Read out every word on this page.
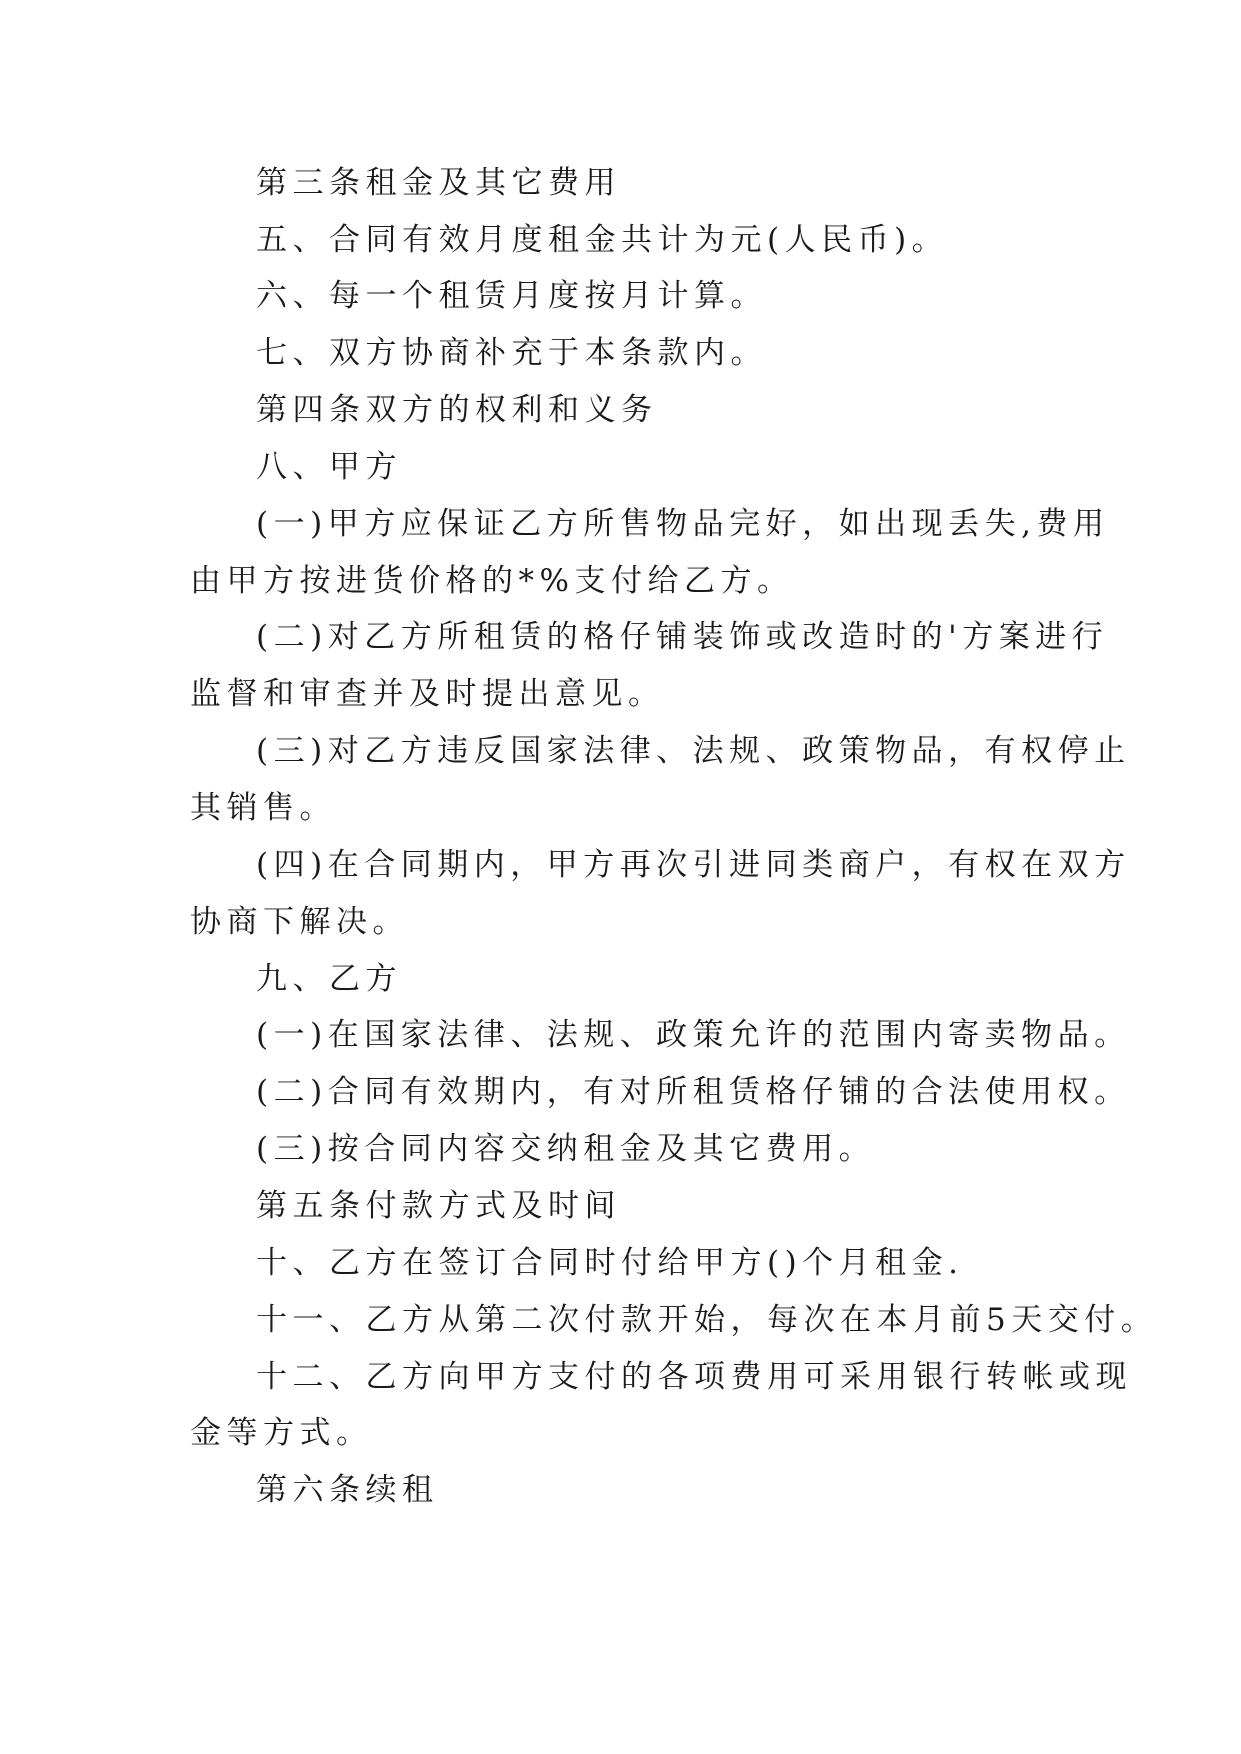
第三条租金及其它费用

五、合同有效月度租金共计为元(人民币)。

六、每一个租赁月度按月计算。

七、双方协商补充于本条款内。

第四条双方的权利和义务

八、甲方

(一)甲方应保证乙方所售物品完好，如出现丢失,费用

由甲方按进货价格的*%支付给乙方。

(二)对乙方所租赁的格仔铺装饰或改造时的'方案进行

监督和审查并及时提出意见。

(三)对乙方违反国家法律、法规、政策物品，有权停止

其销售。

(四)在合同期内，甲方再次引进同类商户，有权在双方

协商下解决。

九、乙方

(一)在国家法律、法规、政策允许的范围内寄卖物品。

(二)合同有效期内，有对所租赁格仔铺的合法使用权。

(三)按合同内容交纳租金及其它费用。

第五条付款方式及时间

十、乙方在签订合同时付给甲方()个月租金.

十一、乙方从第二次付款开始，每次在本月前5天交付。

十二、乙方向甲方支付的各项费用可采用银行转帐或现

金等方式。

第六条续租
